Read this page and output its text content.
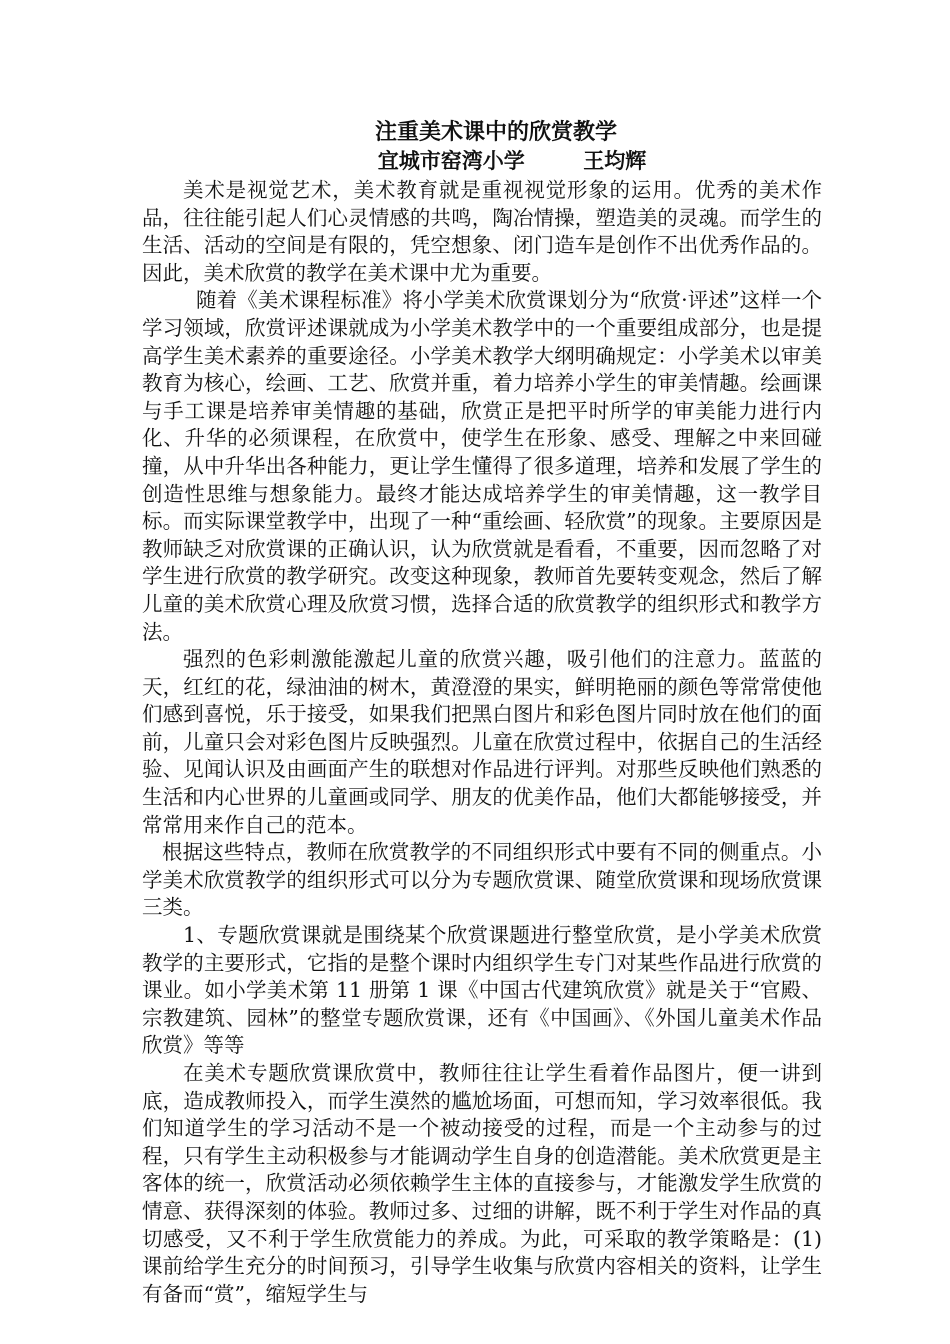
注重美术课中的欣赏教学
宜城市窑湾小学        王均辉

美术是视觉艺术，美术教育就是重视视觉形象的运用。优秀的美术作品，往往能引起人们心灵情感的共鸣，陶冶情操，塑造美的灵魂。而学生的生活、活动的空间是有限的，凭空想象、闭门造车是创作不出优秀作品的。因此，美术欣赏的教学在美术课中尤为重要。

随着《美术课程标准》将小学美术欣赏课划分为“欣赏·评述”这样一个学习领域，欣赏评述课就成为小学美术教学中的一个重要组成部分，也是提高学生美术素养的重要途径。小学美术教学大纲明确规定：小学美术以审美教育为核心，绘画、工艺、欣赏并重，着力培养小学生的审美情趣。绘画课与手工课是培养审美情趣的基础，欣赏正是把平时所学的审美能力进行内化、升华的必须课程，在欣赏中，使学生在形象、感受、理解之中来回碰撞，从中升华出各种能力，更让学生懂得了很多道理，培养和发展了学生的创造性思维与想象能力。最终才能达成培养学生的审美情趣，这一教学目标。而实际课堂教学中，出现了一种“重绘画、轻欣赏”的现象。主要原因是教师缺乏对欣赏课的正确认识，认为欣赏就是看看，不重要，因而忽略了对学生进行欣赏的教学研究。改变这种现象，教师首先要转变观念，然后了解儿童的美术欣赏心理及欣赏习惯，选择合适的欣赏教学的组织形式和教学方法。

强烈的色彩刺激能激起儿童的欣赏兴趣，吸引他们的注意力。蓝蓝的天，红红的花，绿油油的树木，黄澄澄的果实，鲜明艳丽的颜色等常常使他们感到喜悦，乐于接受，如果我们把黑白图片和彩色图片同时放在他们的面前，儿童只会对彩色图片反映强烈。儿童在欣赏过程中，依据自己的生活经验、见闻认识及由画面产生的联想对作品进行评判。对那些反映他们熟悉的生活和内心世界的儿童画或同学、朋友的优美作品，他们大都能够接受，并常常用来作自己的范本。

根据这些特点，教师在欣赏教学的不同组织形式中要有不同的侧重点。小学美术欣赏教学的组织形式可以分为专题欣赏课、随堂欣赏课和现场欣赏课三类。

1、专题欣赏课就是围绕某个欣赏课题进行整堂欣赏，是小学美术欣赏教学的主要形式，它指的是整个课时内组织学生专门对某些作品进行欣赏的课业。如小学美术第 11 册第 1 课《中国古代建筑欣赏》就是关于“官殿、宗教建筑、园林”的整堂专题欣赏课，还有《中国画》、《外国儿童美术作品欣赏》等等

在美术专题欣赏课欣赏中，教师往往让学生看着作品图片，便一讲到底，造成教师投入，而学生漠然的尴尬场面，可想而知，学习效率很低。我们知道学生的学习活动不是一个被动接受的过程，而是一个主动参与的过程，只有学生主动积极参与才能调动学生自身的创造潜能。美术欣赏更是主客体的统一，欣赏活动必须依赖学生主体的直接参与，才能激发学生欣赏的情意、获得深刻的体验。教师过多、过细的讲解，既不利于学生对作品的真切感受，又不利于学生欣赏能力的养成。为此，可采取的教学策略是：(1)课前给学生充分的时间预习，引导学生收集与欣赏内容相关的资料，让学生有备而“赏”，缩短学生与
